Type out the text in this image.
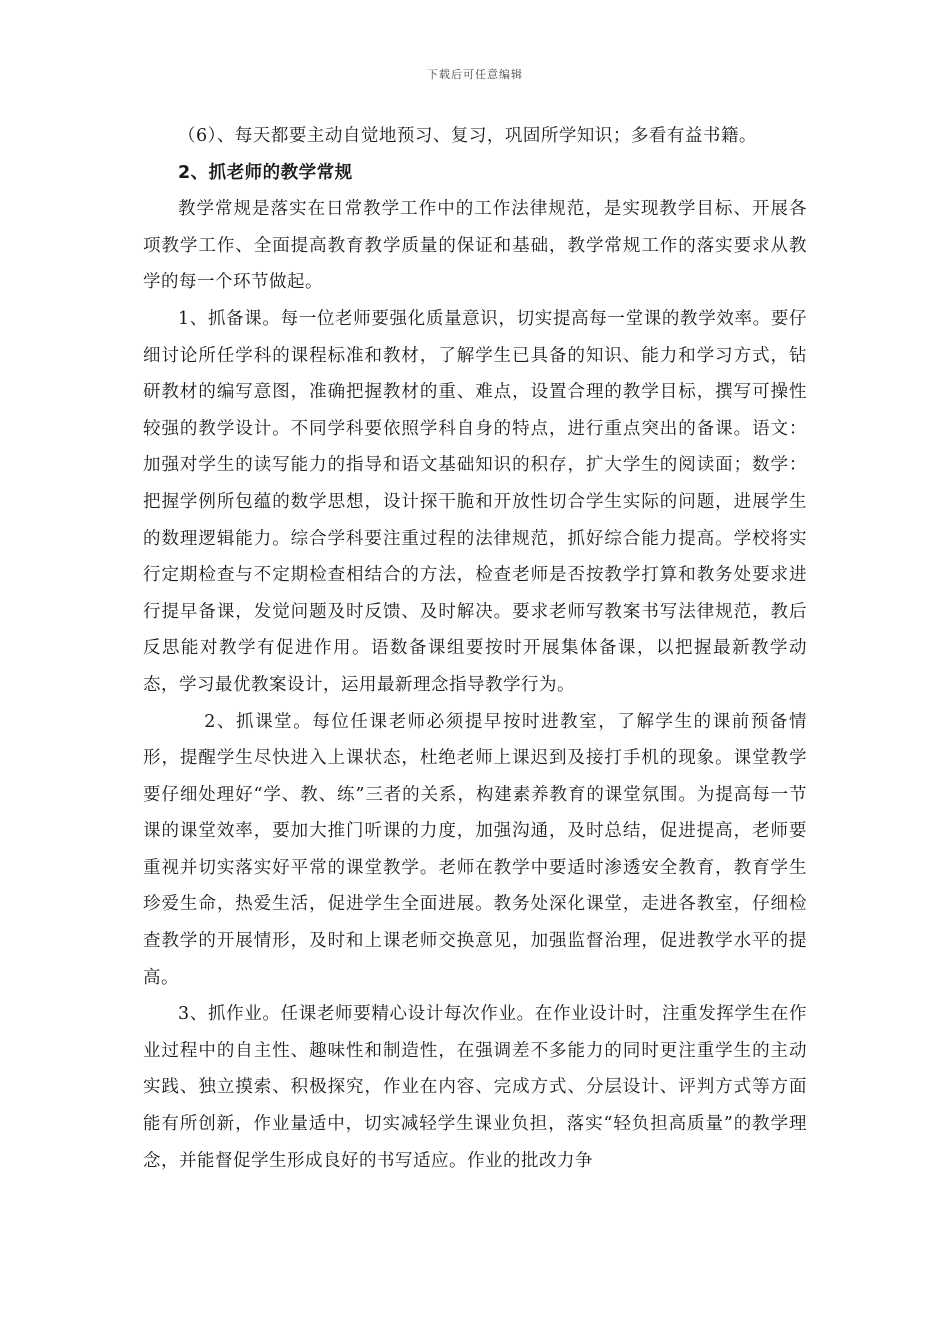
下载后可任意编辑

（6）、每天都要主动自觉地预习、复习，巩固所学知识；多看有益书籍。

2、抓老师的教学常规

教学常规是落实在日常教学工作中的工作法律规范，是实现教学目标、开展各项教学工作、全面提高教育教学质量的保证和基础，教学常规工作的落实要求从教学的每一个环节做起。

1、抓备课。每一位老师要强化质量意识，切实提高每一堂课的教学效率。要仔细讨论所任学科的课程标准和教材，了解学生已具备的知识、能力和学习方式，钻研教材的编写意图，准确把握教材的重、难点，设置合理的教学目标，撰写可操性较强的教学设计。不同学科要依照学科自身的特点，进行重点突出的备课。语文：加强对学生的读写能力的指导和语文基础知识的积存，扩大学生的阅读面；数学：把握学例所包蕴的数学思想，设计探干脆和开放性切合学生实际的问题，进展学生的数理逻辑能力。综合学科要注重过程的法律规范，抓好综合能力提高。学校将实行定期检查与不定期检查相结合的方法，检查老师是否按教学打算和教务处要求进行提早备课，发觉问题及时反馈、及时解决。要求老师写教案书写法律规范，教后反思能对教学有促进作用。语数备课组要按时开展集体备课，以把握最新教学动态，学习最优教案设计，运用最新理念指导教学行为。

2、抓课堂。每位任课老师必须提早按时进教室，了解学生的课前预备情形，提醒学生尽快进入上课状态，杜绝老师上课迟到及接打手机的现象。课堂教学要仔细处理好“学、教、练”三者的关系，构建素养教育的课堂氛围。为提高每一节课的课堂效率，要加大推门听课的力度，加强沟通，及时总结，促进提高，老师要重视并切实落实好平常的课堂教学。老师在教学中要适时渗透安全教育，教育学生珍爱生命，热爱生活，促进学生全面进展。教务处深化课堂，走进各教室，仔细检查教学的开展情形，及时和上课老师交换意见，加强监督治理，促进教学水平的提高。

3、抓作业。任课老师要精心设计每次作业。在作业设计时，注重发挥学生在作业过程中的自主性、趣味性和制造性，在强调差不多能力的同时更注重学生的主动实践、独立摸索、积极探究，作业在内容、完成方式、分层设计、评判方式等方面能有所创新，作业量适中，切实减轻学生课业负担，落实“轻负担高质量”的教学理念，并能督促学生形成良好的书写适应。作业的批改力争
